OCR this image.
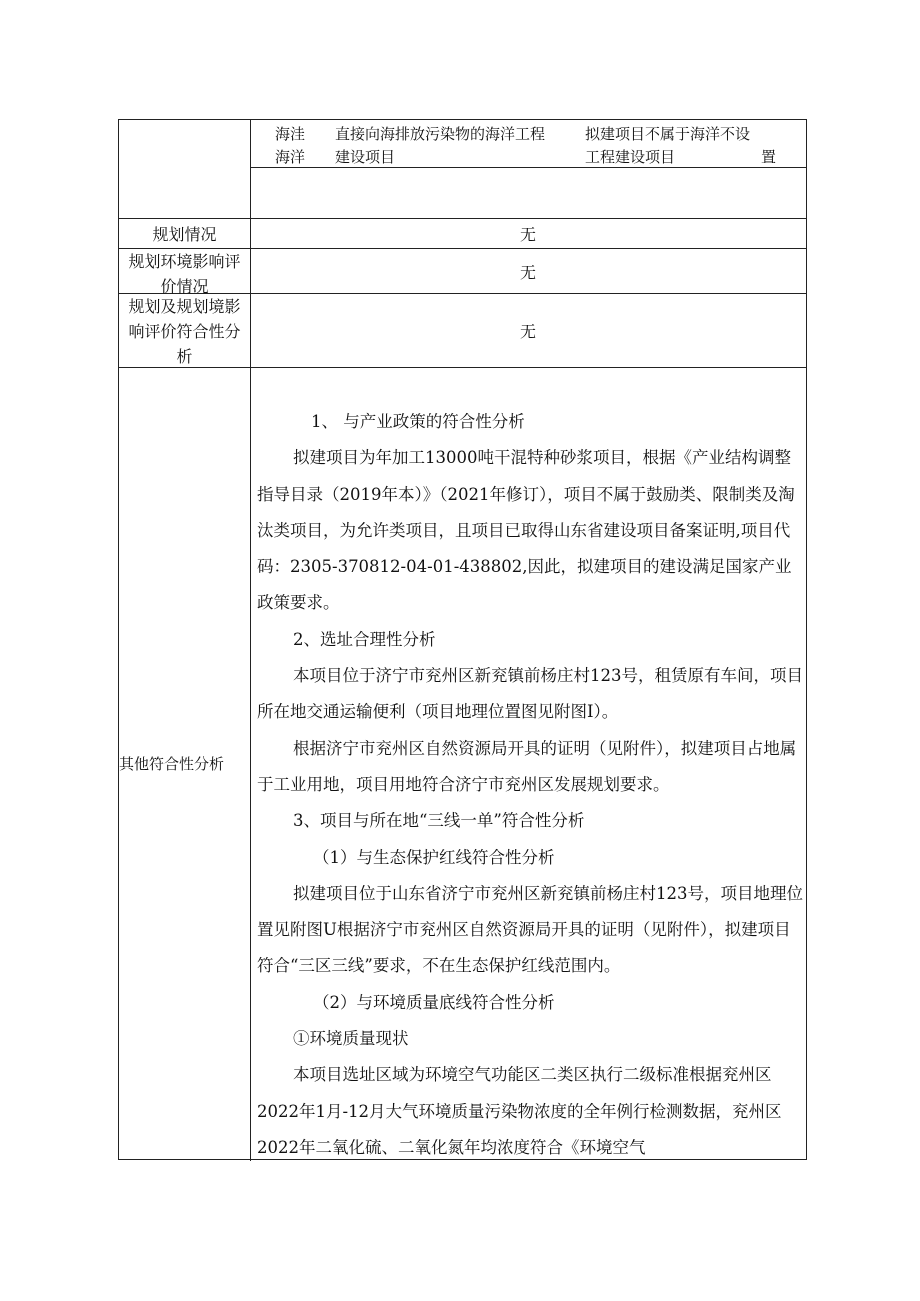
海洼
海洋
直接向海排放污染物的海洋工程
建设项目
拟建项目不属于海洋不设
工程建设项目	置
规划情况	无
规划环境影响评
价情况
无
规划及规划境影
响评价符合性分
析
无
其他符合性分析

1、 与产业政策的符合性分析

拟建项目为年加工13000吨干混特种砂浆项目，根据《产业结构调整指导目录（2019年本）》（2021年修订），项目不属于鼓励类、限制类及淘汰类项目，为允许类项目，且项目已取得山东省建设项目备案证明,项目代码：2305-370812-04-01-438802,因此，拟建项目的建设满足国家产业政策要求。

2、选址合理性分析

本项目位于济宁市兖州区新兖镇前杨庄村123号，租赁原有车间，项目所在地交通运输便利（项目地理位置图见附图I）。

根据济宁市兖州区自然资源局开具的证明（见附件），拟建项目占地属于工业用地，项目用地符合济宁市兖州区发展规划要求。

3、项目与所在地“三线一单”符合性分析

（1）与生态保护红线符合性分析

拟建项目位于山东省济宁市兖州区新兖镇前杨庄村123号，项目地理位置见附图U根据济宁市兖州区自然资源局开具的证明（见附件），拟建项目符合“三区三线”要求，不在生态保护红线范围内。

（2）与环境质量底线符合性分析

①环境质量现状

本项目选址区域为环境空气功能区二类区执行二级标准根据兖州区2022年1月-12月大气环境质量污染物浓度的全年例行检测数据，兖州区2022年二氧化硫、二氧化氮年均浓度符合《环境空气
